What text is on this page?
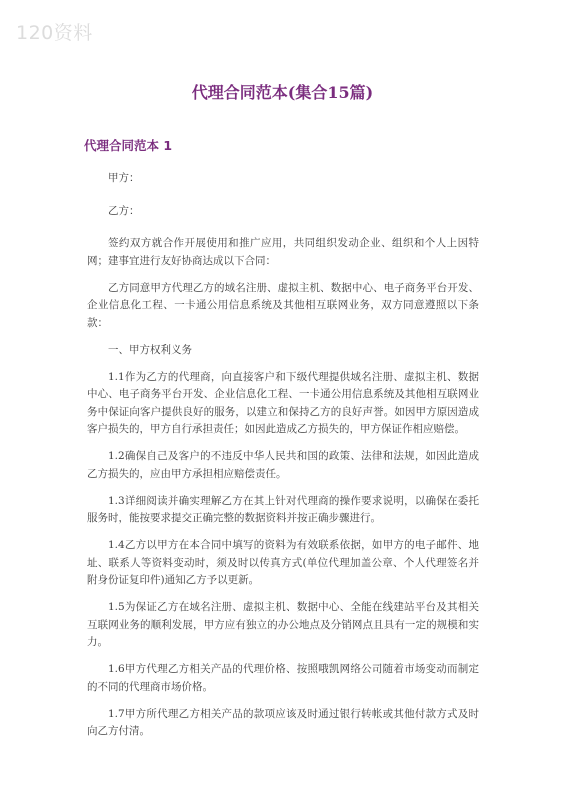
120资料
代理合同范本(集合15篇)
代理合同范本 1

甲方：

乙方：

签约双方就合作开展使用和推广应用，共同组织发动企业、组织和个人上因特网；建事宜进行友好协商达成以下合同：

乙方同意甲方代理乙方的域名注册、虚拟主机、数据中心、电子商务平台开发、企业信息化工程、一卡通公用信息系统及其他相互联网业务，双方同意遵照以下条款：

一、甲方权利义务

1.1作为乙方的代理商，向直接客户和下级代理提供域名注册、虚拟主机、数据中心、电子商务平台开发、企业信息化工程、一卡通公用信息系统及其他相互联网业务中保证向客户提供良好的服务，以建立和保持乙方的良好声誉。如因甲方原因造成客户损失的，甲方自行承担责任；如因此造成乙方损失的，甲方保证作相应赔偿。

1.2确保自己及客户的不违反中华人民共和国的政策、法律和法规，如因此造成乙方损失的，应由甲方承担相应赔偿责任。

1.3详细阅读并确实理解乙方在其上针对代理商的操作要求说明，以确保在委托服务时，能按要求提交正确完整的数据资料并按正确步骤进行。

1.4乙方以甲方在本合同中填写的资料为有效联系依据，如甲方的电子邮件、地址、联系人等资料变动时，须及时以传真方式(单位代理加盖公章、个人代理签名并附身份证复印件)通知乙方予以更新。

1.5为保证乙方在域名注册、虚拟主机、数据中心、全能在线建站平台及其相关互联网业务的顺利发展，甲方应有独立的办公地点及分销网点且具有一定的规模和实力。

1.6甲方代理乙方相关产品的代理价格、按照哦凯网络公司随着市场变动而制定的不同的代理商市场价格。

1.7甲方所代理乙方相关产品的款项应该及时通过银行转帐或其他付款方式及时向乙方付清。
